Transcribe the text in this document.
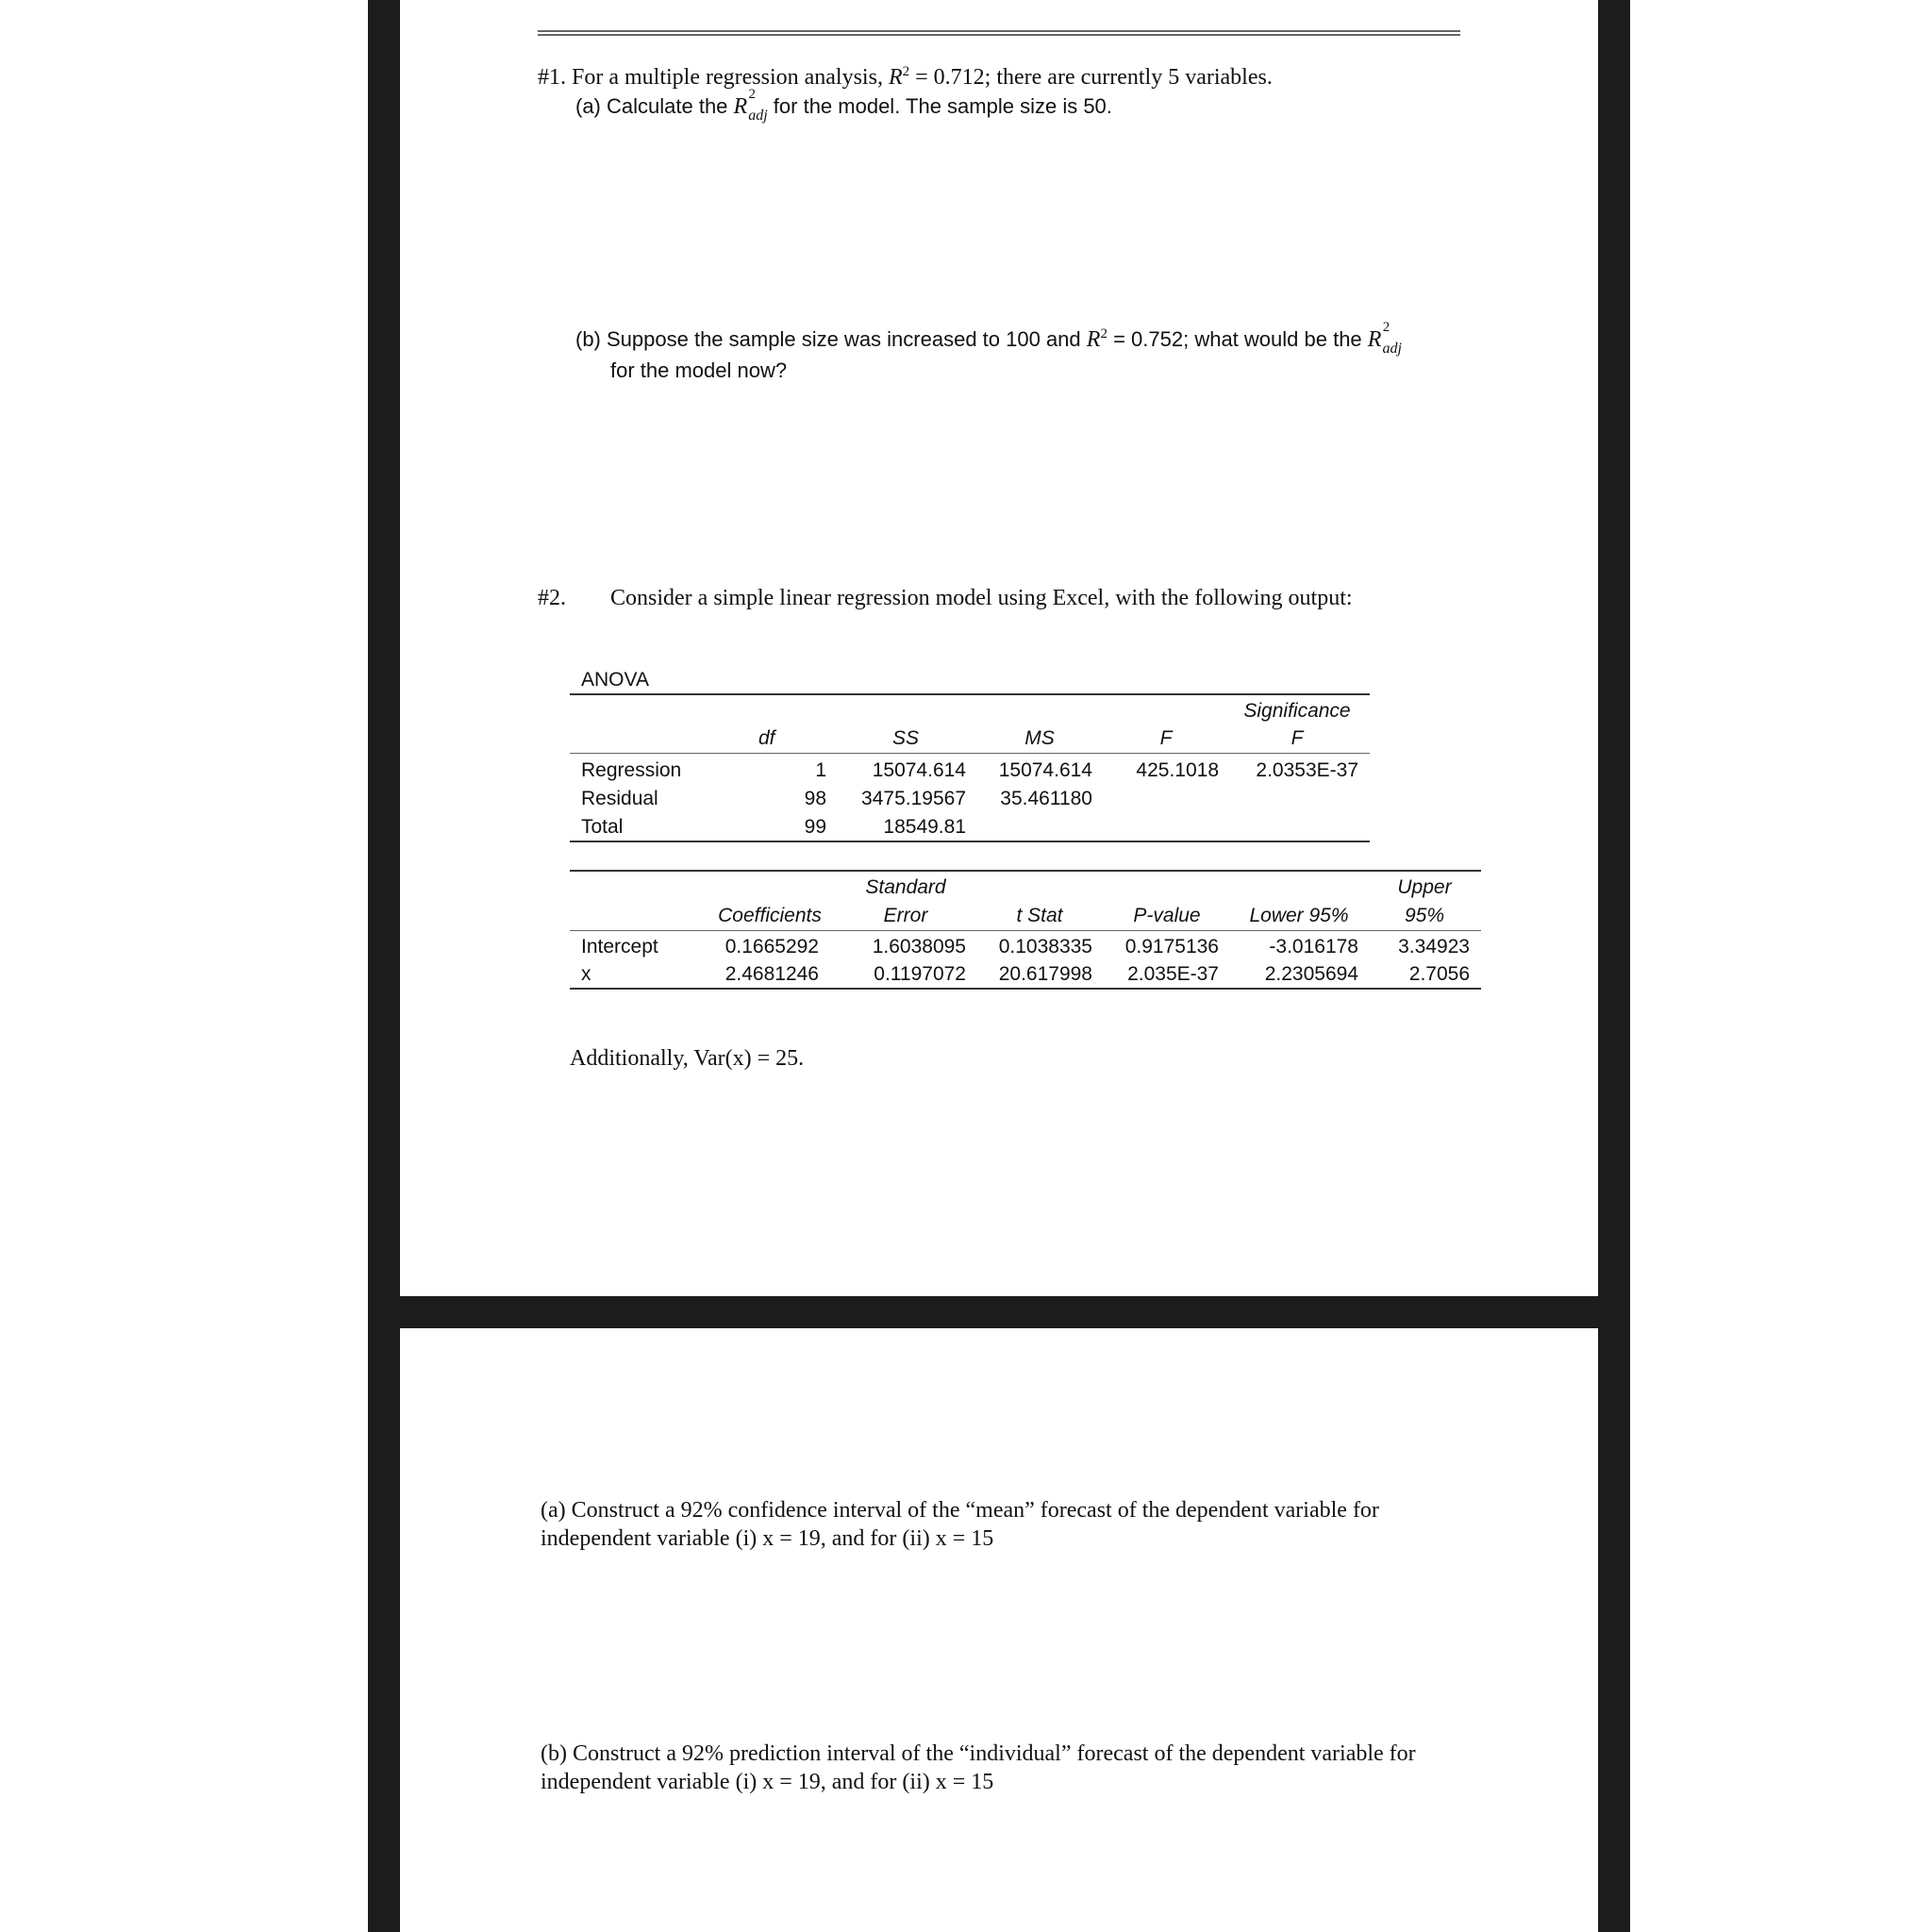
#1. For a multiple regression analysis, $R^2 = 0.712$; there are currently 5 variables.
(a) Calculate the R 2
$_{adj}$ for the model. The sample size is 50.
(b) Suppose the sample size was increased to 100 and $R^2 = 0.752$; what would be the R 2
$_{adj}$
for the model now?
#2. Consider a simple linear regression model using Excel, with the following output:
ANOVA
Significance
df	SS	MS	F	F
Regression	1	15074.614	15074.614	425.1018	2.0353E-37
Residual	98	3475.19567	35.461180
Total	99	18549.81
Standard	Upper
Coefficients	Error	t Stat	P-value	Lower 95%	95%
Intercept	0.1665292	1.6038095	0.1038335	0.9175136	-3.016178	3.34923
x	2.4681246	0.1197072	20.617998	2.035E-37	2.2305694	2.7056
Additionally, Var(x) = 25.
(a) Construct a 92% confidence interval of the “mean” forecast of the dependent variable for
independent variable (i) x = 19, and for (ii) x = 15
(b) Construct a 92% prediction interval of the “individual” forecast of the dependent variable for
independent variable (i) x = 19, and for (ii) x = 15
